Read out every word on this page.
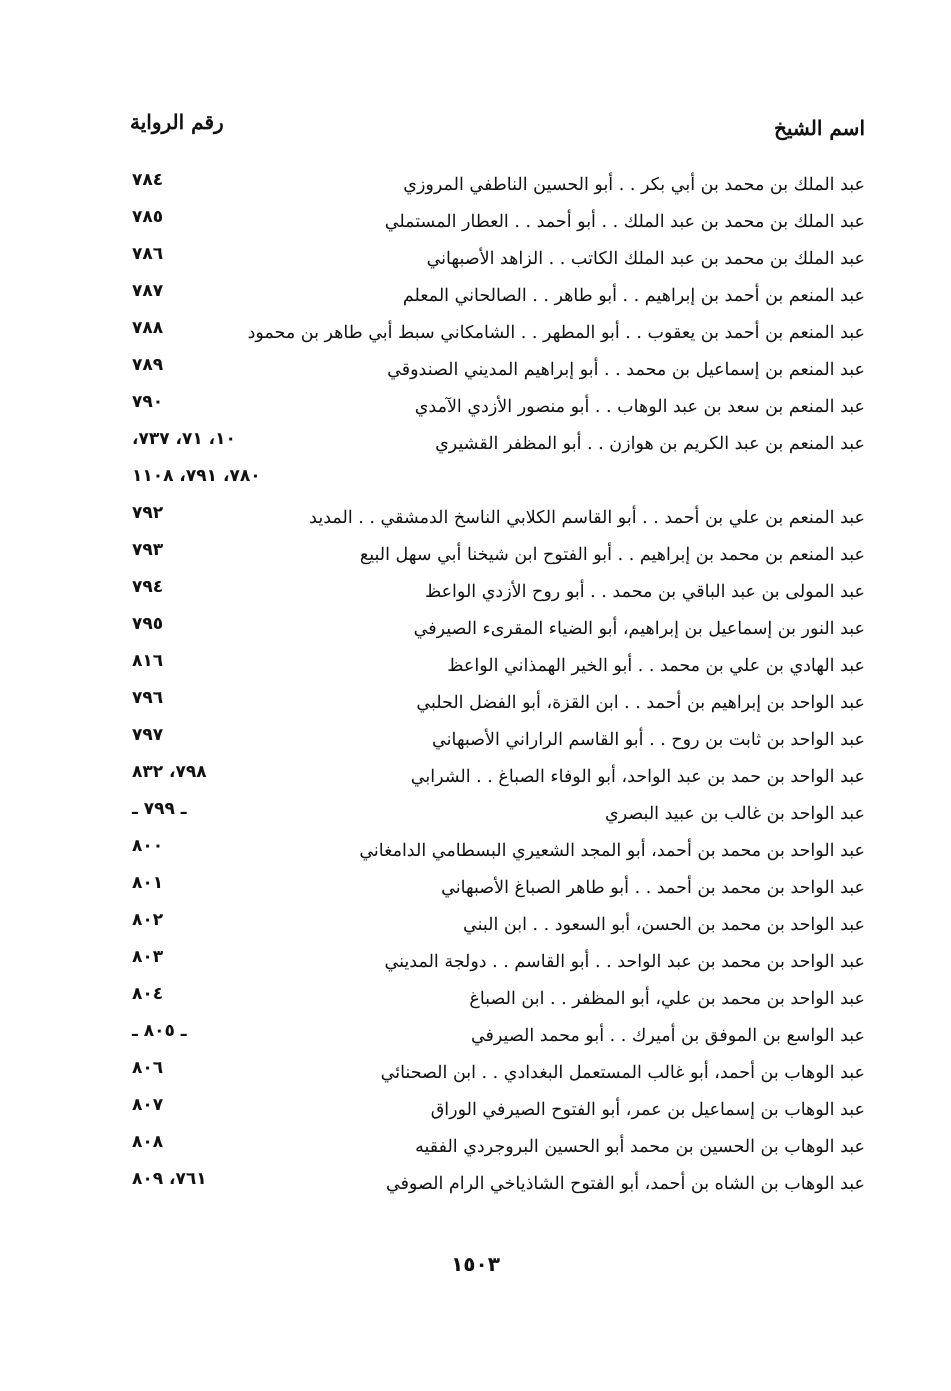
اسم الشيخ
رقم الرواية
عبد الملك بن محمد بن أبي بكر . . أبو الحسين الناطفي المروزي
٧٨٤
عبد الملك بن محمد بن عبد الملك . . أبو أحمد . . العطار المستملي
٧٨٥
عبد الملك بن محمد بن عبد الملك الكاتب . . الزاهد الأصبهاني
٧٨٦
عبد المنعم بن أحمد بن إبراهيم . . أبو طاهر . . الصالحاني المعلم
٧٨٧
عبد المنعم بن أحمد بن يعقوب . . أبو المطهر . . الشامكاني سبط أبي طاهر بن محمود
٧٨٨
عبد المنعم بن إسماعيل بن محمد . . أبو إبراهيم المديني الصندوقي
٧٨٩
عبد المنعم بن سعد بن عبد الوهاب . . أبو منصور الأزدي الآمدي
٧٩٠
عبد المنعم بن عبد الكريم بن هوازن . . أبو المظفر القشيري
١٠، ٧١، ٧٣٧،
٧٨٠، ٧٩١، ١١٠٨
عبد المنعم بن علي بن أحمد . . أبو القاسم الكلابي الناسخ الدمشقي . . المديد
٧٩٢
عبد المنعم بن محمد بن إبراهيم . . أبو الفتوح ابن شيخنا أبي سهل البيع
٧٩٣
عبد المولى بن عبد الباقي بن محمد . . أبو روح الأزدي الواعظ
٧٩٤
عبد النور بن إسماعيل بن إبراهيم، أبو الضياء المقرىء الصيرفي
٧٩٥
عبد الهادي بن علي بن محمد . . أبو الخير الهمذاني الواعظ
٨١٦
عبد الواحد بن إبراهيم بن أحمد . . ابن القزة، أبو الفضل الحلبي
٧٩٦
عبد الواحد بن ثابت بن روح . . أبو القاسم الراراني الأصبهاني
٧٩٧
عبد الواحد بن حمد بن عبد الواحد، أبو الوفاء الصباغ . . الشرابي
٧٩٨، ٨٣٢
عبد الواحد بن غالب بن عبيد البصري
ـ ٧٩٩ ـ
عبد الواحد بن محمد بن أحمد، أبو المجد الشعيري البسطامي الدامغاني
٨٠٠
عبد الواحد بن محمد بن أحمد . . أبو طاهر الصباغ الأصبهاني
٨٠١
عبد الواحد بن محمد بن الحسن، أبو السعود . . ابن البني
٨٠٢
عبد الواحد بن محمد بن عبد الواحد . . أبو القاسم . . دولجة المديني
٨٠٣
عبد الواحد بن محمد بن علي، أبو المظفر . . ابن الصباغ
٨٠٤
عبد الواسع بن الموفق بن أميرك . . أبو محمد الصيرفي
ـ ٨٠٥ ـ
عبد الوهاب بن أحمد، أبو غالب المستعمل البغدادي . . ابن الصحنائي
٨٠٦
عبد الوهاب بن إسماعيل بن عمر، أبو الفتوح الصيرفي الوراق
٨٠٧
عبد الوهاب بن الحسين بن محمد أبو الحسين البروجردي الفقيه
٨٠٨
عبد الوهاب بن الشاه بن أحمد، أبو الفتوح الشاذياخي الرام الصوفي
٧٦١، ٨٠٩
١٥٠٣
